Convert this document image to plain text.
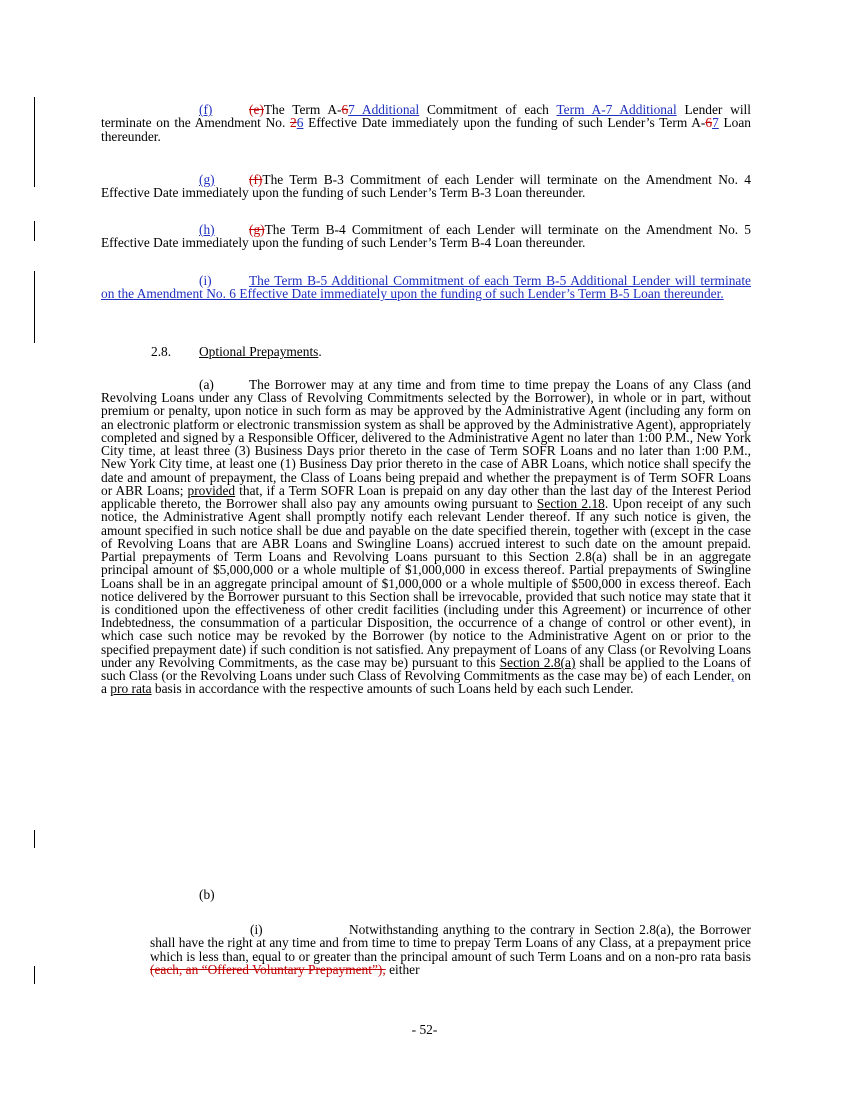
(f)	(e)The Term A-67 Additional Commitment of each Term A-7 Additional Lender will terminate on the Amendment No. 26 Effective Date immediately upon the funding of such Lender’s Term A-67 Loan thereunder.

(g)	(f)The Term B-3 Commitment of each Lender will terminate on the Amendment No. 4 Effective Date immediately upon the funding of such Lender’s Term B-3 Loan thereunder.

(h)	(g)The Term B-4 Commitment of each Lender will terminate on the Amendment No. 5 Effective Date immediately upon the funding of such Lender’s Term B-4 Loan thereunder.

(i)	The Term B-5 Additional Commitment of each Term B-5 Additional Lender will terminate on the Amendment No. 6 Effective Date immediately upon the funding of such Lender’s Term B-5 Loan thereunder.

2.8. Optional Prepayments.

(a)	The Borrower may at any time and from time to time prepay the Loans of any Class (and Revolving Loans under any Class of Revolving Commitments selected by the Borrower), in whole or in part, without premium or penalty, upon notice in such form as may be approved by the Administrative Agent (including any form on an electronic platform or electronic transmission system as shall be approved by the Administrative Agent), appropriately completed and signed by a Responsible Officer, delivered to the Administrative Agent no later than 1:00 P.M., New York City time, at least three (3) Business Days prior thereto in the case of Term SOFR Loans and no later than 1:00 P.M., New York City time, at least one (1) Business Day prior thereto in the case of ABR Loans, which notice shall specify the date and amount of prepayment, the Class of Loans being prepaid and whether the prepayment is of Term SOFR Loans or ABR Loans; provided that, if a Term SOFR Loan is prepaid on any day other than the last day of the Interest Period applicable thereto, the Borrower shall also pay any amounts owing pursuant to Section 2.18. Upon receipt of any such notice, the Administrative Agent shall promptly notify each relevant Lender thereof. If any such notice is given, the amount specified in such notice shall be due and payable on the date specified therein, together with (except in the case of Revolving Loans that are ABR Loans and Swingline Loans) accrued interest to such date on the amount prepaid. Partial prepayments of Term Loans and Revolving Loans pursuant to this Section 2.8(a) shall be in an aggregate principal amount of $5,000,000 or a whole multiple of $1,000,000 in excess thereof. Partial prepayments of Swingline Loans shall be in an aggregate principal amount of $1,000,000 or a whole multiple of $500,000 in excess thereof. Each notice delivered by the Borrower pursuant to this Section shall be irrevocable, provided that such notice may state that it is conditioned upon the effectiveness of other credit facilities (including under this Agreement) or incurrence of other Indebtedness, the consummation of a particular Disposition, the occurrence of a change of control or other event), in which case such notice may be revoked by the Borrower (by notice to the Administrative Agent on or prior to the specified prepayment date) if such condition is not satisfied. Any prepayment of Loans of any Class (or Revolving Loans under any Revolving Commitments, as the case may be) pursuant to this Section 2.8(a) shall be applied to the Loans of such Class (or the Revolving Loans under such Class of Revolving Commitments as the case may be) of each Lender, on a pro rata basis in accordance with the respective amounts of such Loans held by each such Lender.

(b)

(i)	Notwithstanding anything to the contrary in Section 2.8(a), the Borrower shall have the right at any time and from time to time to prepay Term Loans of any Class, at a prepayment price which is less than, equal to or greater than the principal amount of such Term Loans and on a non-pro rata basis (each, an “Offered Voluntary Prepayment”), either

- 52-
